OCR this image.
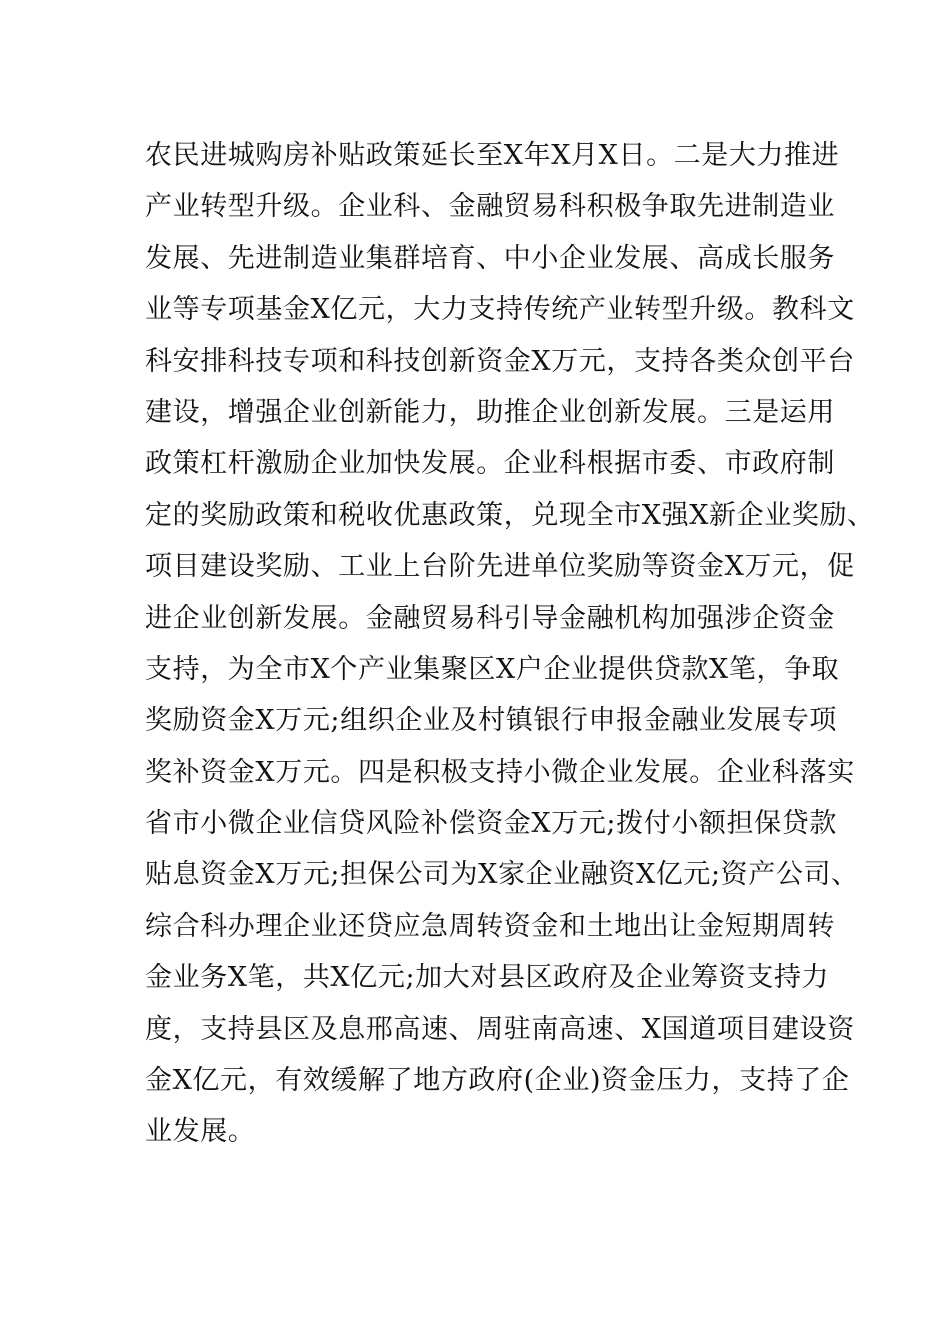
农民进城购房补贴政策延长至X年X月X日。二是大力推进
产业转型升级。企业科、金融贸易科积极争取先进制造业
发展、先进制造业集群培育、中小企业发展、高成长服务
业等专项基金X亿元，大力支持传统产业转型升级。教科文
科安排科技专项和科技创新资金X万元，支持各类众创平台
建设，增强企业创新能力，助推企业创新发展。三是运用
政策杠杆激励企业加快发展。企业科根据市委、市政府制
定的奖励政策和税收优惠政策，兑现全市X强X新企业奖励、
项目建设奖励、工业上台阶先进单位奖励等资金X万元，促
进企业创新发展。金融贸易科引导金融机构加强涉企资金
支持，为全市X个产业集聚区X户企业提供贷款X笔，争取
奖励资金X万元;组织企业及村镇银行申报金融业发展专项
奖补资金X万元。四是积极支持小微企业发展。企业科落实
省市小微企业信贷风险补偿资金X万元;拨付小额担保贷款
贴息资金X万元;担保公司为X家企业融资X亿元;资产公司、
综合科办理企业还贷应急周转资金和土地出让金短期周转
金业务X笔，共X亿元;加大对县区政府及企业筹资支持力
度，支持县区及息邢高速、周驻南高速、X国道项目建设资
金X亿元，有效缓解了地方政府(企业)资金压力，支持了企
业发展。
